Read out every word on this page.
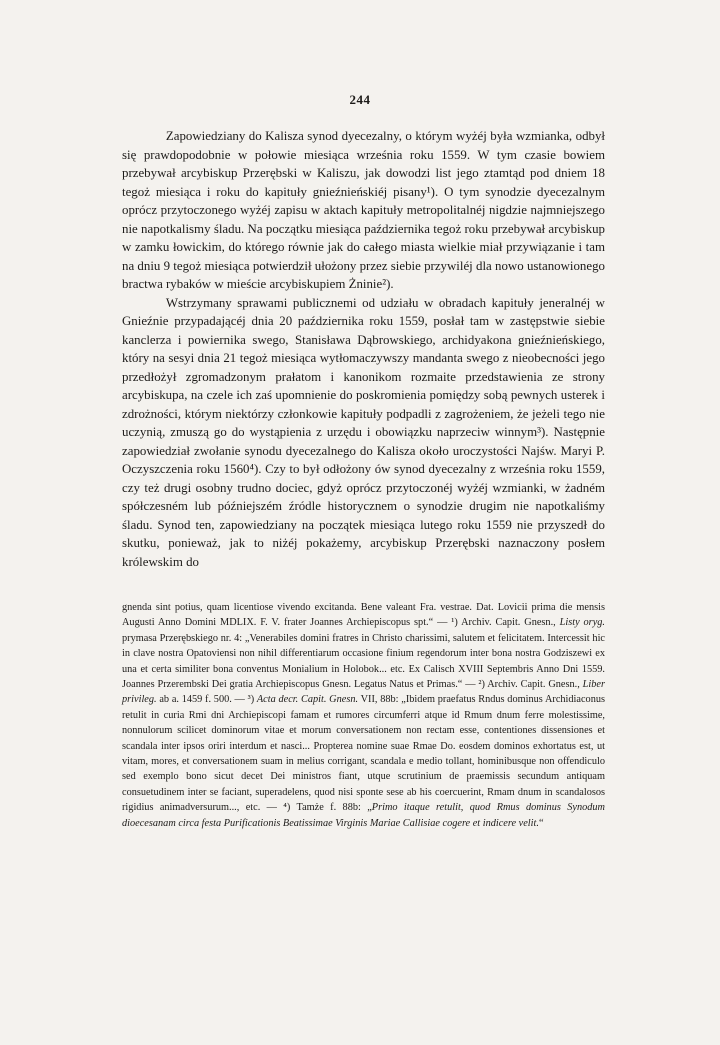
244

Zapowiedziany do Kalisza synod dyecezalny, o którym wyżéj była wzmianka, odbył się prawdopodobnie w połowie miesiąca września roku 1559. W tym czasie bowiem przebywał arcybiskup Przerębski w Kaliszu, jak dowodzi list jego ztamtąd pod dniem 18 tegoż miesiąca i roku do kapituły gnieźnieńskiéj pisany¹). O tym synodzie dyecezalnym oprócz przytoczonego wyżéj zapisu w aktach kapituły metropolitalnéj nigdzie najmniejszego nie napotkalismy śladu. Na początku miesiąca października tegoż roku przebywał arcybiskup w zamku łowickim, do którego równie jak do całego miasta wielkie miał przywiązanie i tam na dniu 9 tegoż miesiąca potwierdził ułożony przez siebie przywiléj dla nowo ustanowionego bractwa rybaków w mieście arcybiskupiem Żninie²).

Wstrzymany sprawami publicznemi od udziału w obradach kapituły jeneralnéj w Gnieźnie przypadającéj dnia 20 października roku 1559, posłał tam w zastępstwie siebie kanclerza i powiernika swego, Stanisława Dąbrowskiego, archidyakona gnieźnieńskiego, który na sesyi dnia 21 tegoż miesiąca wytłomaczywszy mandanta swego z nieobecności jego przedłożył zgromadzonym prałatom i kanonikom rozmaite przedstawienia ze strony arcybiskupa, na czele ich zaś upomnienie do poskromienia pomiędzy sobą pewnych usterek i zdrożności, którym niektórzy członkowie kapituły podpadli z zagrożeniem, że jeżeli tego nie uczynią, zmuszą go do wystąpienia z urzędu i obowiązku naprzeciw winnym³). Następnie zapowiedział zwołanie synodu dyecezalnego do Kalisza około uroczystości Najśw. Maryi P. Oczyszczenia roku 1560⁴). Czy to był odłożony ów synod dyecezalny z września roku 1559, czy też drugi osobny trudno dociec, gdyż oprócz przytoczonéj wyżéj wzmianki, w żadném spółczesném lub późniejszém źródle historycznem o synodzie drugim nie napotkaliśmy śladu. Synod ten, zapowiedziany na początek miesiąca lutego roku 1559 nie przyszedł do skutku, ponieważ, jak to niżéj pokażemy, arcybiskup Przerębski naznaczony posłem królewskim do

gnenda sint potius, quam licentiose vivendo excitanda. Bene valeant Fra. vestrae. Dat. Lovicii prima die mensis Augusti Anno Domini MDLIX. F. V. frater Joannes Archiepiscopus spt.“ — ¹) Archiv. Capit. Gnesn., Listy oryg. prymasa Przerębskiego nr. 4: „Venerabiles domini fratres in Christo charissimi, salutem et felicitatem. Intercessit hic in clave nostra Opatoviensi non nihil differentiarum occasione finium regendorum inter bona nostra Godziszewi ex una et certa similiter bona conventus Monialium in Holobok... etc. Ex Calisch XVIII Septembris Anno Dni 1559. Joannes Przerembski Dei gratia Archiepiscopus Gnesn. Legatus Natus et Primas.“ — ²) Archiv. Capit. Gnesn., Liber privileg. ab a. 1459 f. 500. — ³) Acta decr. Capit. Gnesn. VII, 88b: „Ibidem praefatus Rndus dominus Archidiaconus retulit in curia Rmi dni Archiepiscopi famam et rumores circumferri atque id Rmum dnum ferre molestissime, nonnulorum scilicet dominorum vitae et morum conversationem non rectam esse, contentiones dissensiones et scandala inter ipsos oriri interdum et nasci... Propterea nomine suae Rmae Do. eosdem dominos exhortatus est, ut vitam, mores, et conversationem suam in melius corrigant, scandala e medio tollant, hominibusque non offendiculo sed exemplo bono sicut decet Dei ministros fiant, utque scrutinium de praemissis secundum antiquam consuetudinem inter se faciant, superadelens, quod nisi sponte sese ab his coercuerint, Rmam dnum in scandalosos rigidius animadversurum..., etc. — ⁴) Tamże f. 88b: „Primo itaque retulit, quod Rmus dominus Synodum dioecesanam circa festa Purificationis Beatissimae Virginis Mariae Callisiae cogere et indicere velit.“
